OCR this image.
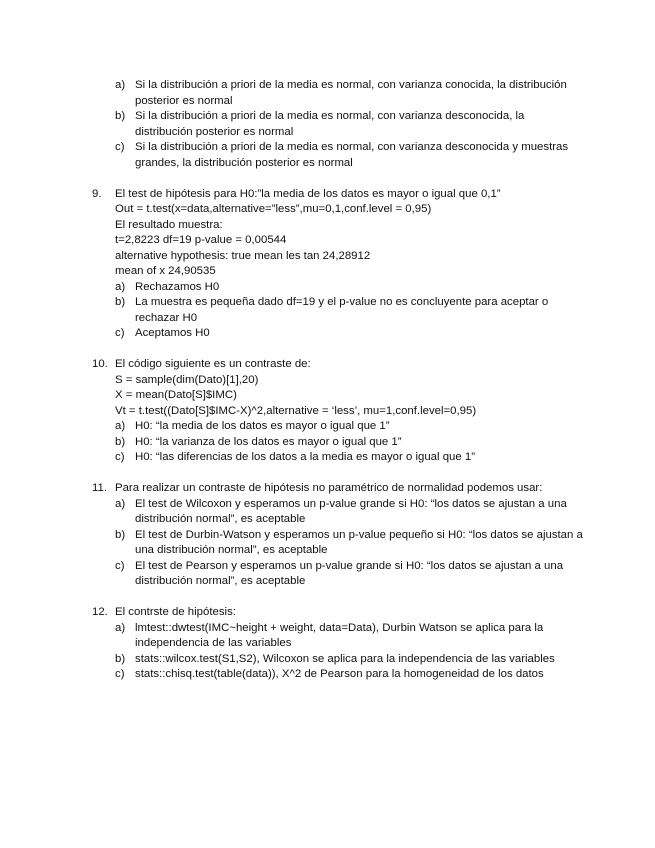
a) Si la distribución a priori de la media es normal, con varianza conocida, la distribución posterior es normal
b) Si la distribución a priori de la media es normal, con varianza desconocida, la distribución posterior es normal
c) Si la distribución a priori de la media es normal, con varianza desconocida y muestras grandes, la distribución posterior es normal
9. El test de hipótesis para H0:”la media de los datos es mayor o igual que 0,1”
Out = t.test(x=data,alternative=”less”,mu=0,1,conf.level = 0,95)
El resultado muestra:
t=2,8223 df=19 p-value = 0,00544
alternative hypothesis: true mean les tan 24,28912
mean of x 24,90535
a) Rechazamos H0
b) La muestra es pequeña dado df=19 y el p-value no es concluyente para aceptar o rechazar H0
c) Aceptamos H0
10. El código siguiente es un contraste de:
S = sample(dim(Dato)[1],20)
X = mean(Dato[S]$IMC)
Vt = t.test((Dato[S]$IMC-X)^2,alternative = ‘less’, mu=1,conf.level=0,95)
a) H0: “la media de los datos es mayor o igual que 1”
b) H0: “la varianza de los datos es mayor o igual que 1”
c) H0: “las diferencias de los datos a la media es mayor o igual que 1”
11. Para realizar un contraste de hipótesis no paramétrico de normalidad podemos usar:
a) El test de Wilcoxon y esperamos un p-value grande si H0: “los datos se ajustan a una distribución normal”, es aceptable
b) El test de Durbin-Watson y esperamos un p-value pequeño si H0: “los datos se ajustan a una distribución normal”, es aceptable
c) El test de Pearson y esperamos un p-value grande si H0: “los datos se ajustan a una distribución normal”, es aceptable
12. El contrste de hipótesis:
a) lmtest::dwtest(IMC~height + weight, data=Data), Durbin Watson se aplica para la independencia de las variables
b) stats::wilcox.test(S1,S2), Wilcoxon se aplica para la independencia de las variables
c) stats::chisq.test(table(data)), X^2 de Pearson para la homogeneidad de los datos
